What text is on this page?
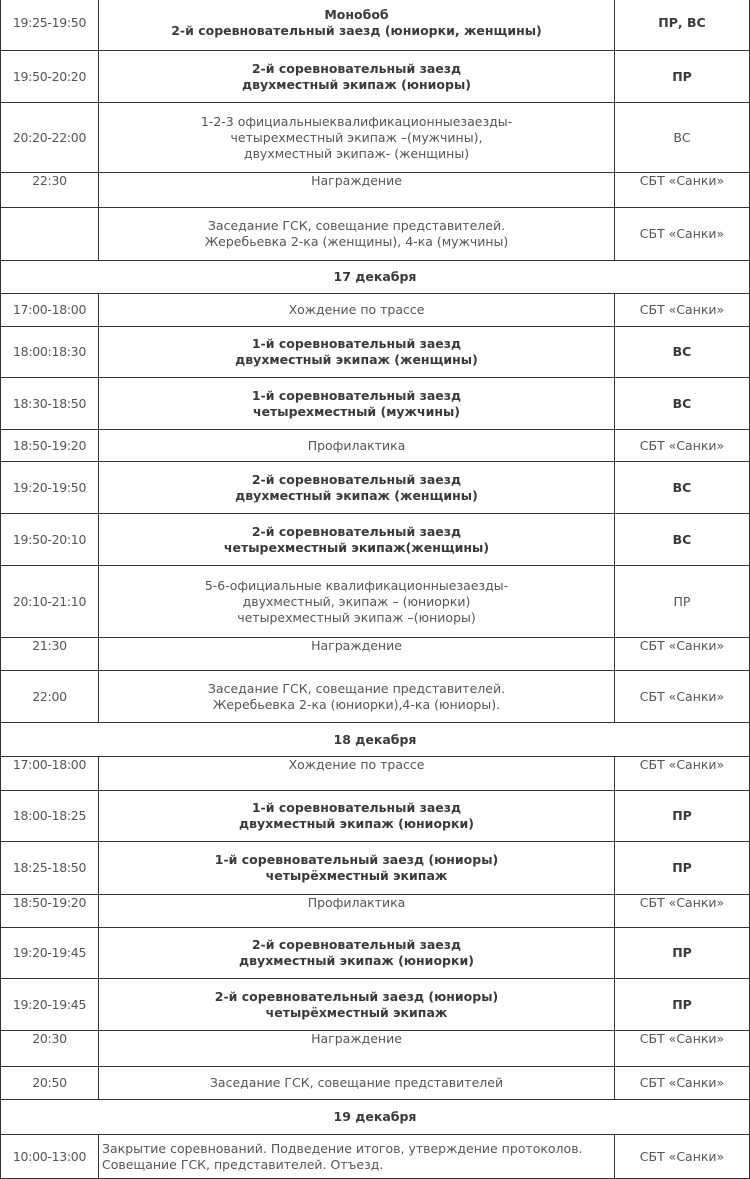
19:25-19:50	Монобоб
2-й соревновательный заезд (юниорки, женщины)	ПР, ВС
19:50-20:20	2-й соревновательный заезд
двухместный экипаж (юниоры)	ПР
20:20-22:00	1-2-3 официальныеквалификационныезаезды-
четырехместный экипаж –(мужчины),
двухместный экипаж- (женщины)	ВС
22:30	Награждение	СБТ «Санки»

	Заседание ГСК, совещание представителей.
Жеребьевка 2-ка (женщины), 4-ка (мужчины)	СБТ «Санки»
17 декабря		
17:00-18:00	Хождение по трассе	СБТ «Санки»
18:00:18:30	1-й соревновательный заезд
двухместный экипаж (женщины)	ВС
18:30-18:50	1-й соревновательный заезд
четырехместный (мужчины)	ВС
18:50-19:20	Профилактика	СБТ «Санки»
19:20-19:50	2-й соревновательный заезд
двухместный экипаж (женщины)	ВС
19:50-20:10	2-й соревновательный заезд
четырехместный экипаж(женщины)	ВС
20:10-21:10	5-6-официальные квалификационныезаезды-
двухместный, экипаж – (юниорки)
четырехместный экипаж –(юниоры)	ПР
21:30	Награждение	СБТ «Санки»
22:00	Заседание ГСК, совещание представителей.
Жеребьевка 2-ка (юниорки),4-ка (юниоры).	СБТ «Санки»
18 декабря		
17:00-18:00	Хождение по трассе	СБТ «Санки»
18:00-18:25	1-й соревновательный заезд
двухместный экипаж (юниорки)	ПР
18:25-18:50	1-й соревновательный заезд (юниоры)
четырёхместный экипаж	ПР
18:50-19:20	Профилактика	СБТ «Санки»
19:20-19:45	2-й соревновательный заезд
двухместный экипаж (юниорки)	ПР
19:20-19:45	2-й соревновательный заезд (юниоры)
четырёхместный экипаж	ПР
20:30	Награждение	СБТ «Санки»
20:50	Заседание ГСК, совещание представителей	СБТ «Санки»
19 декабря		
10:00-13:00	Закрытие соревнований. Подведение итогов, утверждение протоколов.
Совещание ГСК, представителей. Отъезд.	СБТ «Санки»
